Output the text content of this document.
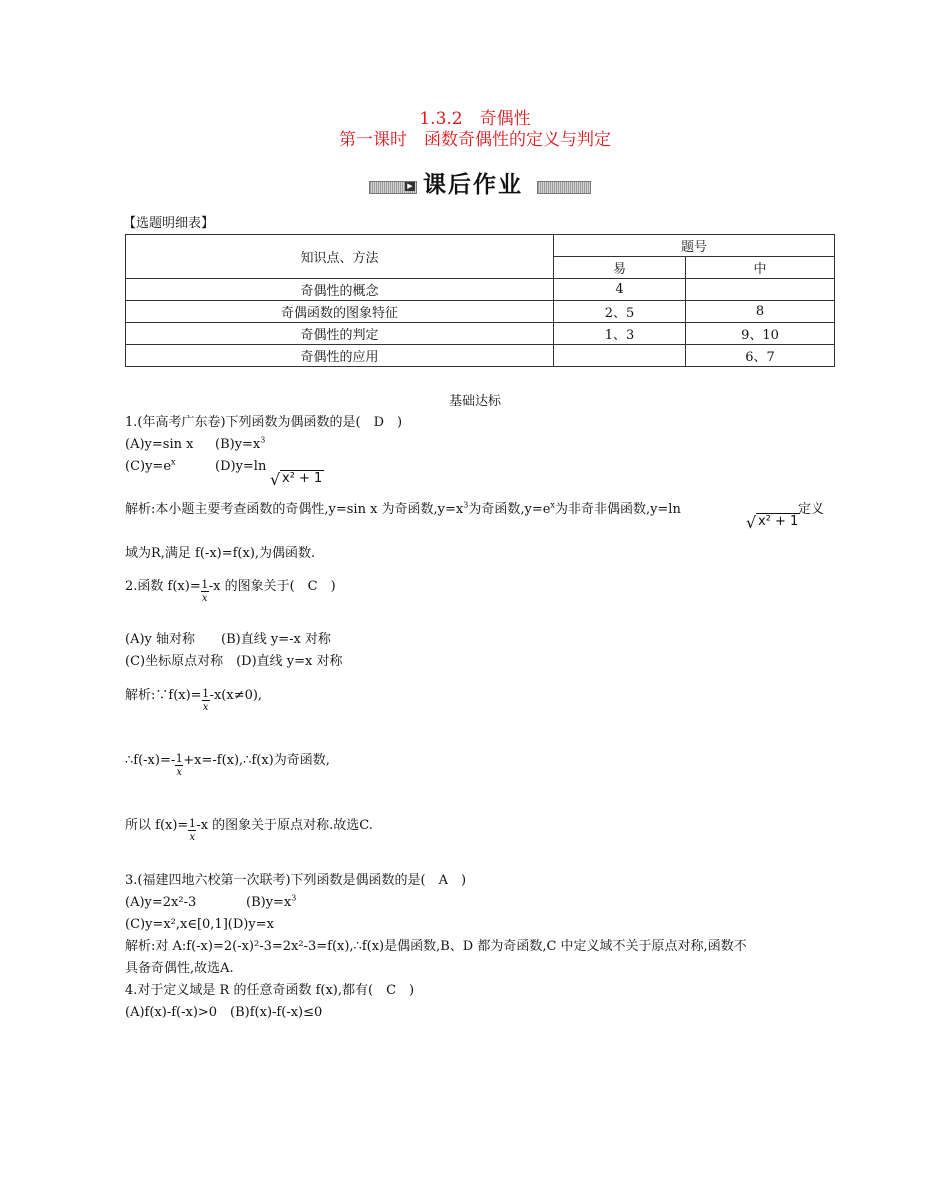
1.3.2　奇偶性
第一课时　函数奇偶性的定义与判定
▶ 课后作业
【选题明细表】
知识点、方法	题号	
	易	中
奇偶性的概念	4	
奇偶函数的图象特征	2、5	8
奇偶性的判定	1、3	9、10
奇偶性的应用		6、7
基础达标
1.(年高考广东卷)下列函数为偶函数的是(　D　)
(A)y=sin x $(B)y=x^3$
$(C)y=e^x$	(D)y=ln
√ x² + 1
解析:本小题主要考查函数的奇偶性,y=sin x 为奇函数$,y=x^3$为奇函数$,y=e^x$为非奇非偶函数,y=ln
√ x² + 1
定义
域为R,满足 f(-x)=f(x),为偶函数.
2.函数 $f(x)= \frac{1}{x} -x$ 的图象关于(　C　)
(A)y 轴对称　　(B)直线 y=-x 对称
(C)坐标原点对称　(D)直线 y=x 对称
解析:∵f(x)= $\frac{1}{x} -x(x\ne 0)$,
∴f(-x)=- $\frac{1}{x}$ +x=-f(x),∴f(x)为奇函数,
所以 $f(x)= \frac{1}{x} -x$ 的图象关于原点对称.故选C.
3.(福建四地六校第一次联考)下列函数是偶函数的是(　A　)
(A)y=2x²-3	$(B)y=x^3$
(C)y=x²,x∈[0,1](D)y=x
解析:对 A:f(-x)=2(-x)²-3=2x²-3=f(x),∴f(x)是偶函数,B、D 都为奇函数,C 中定义域不关于原点对称,函数不
具备奇偶性,故选A.
4.对于定义域是 R 的任意奇函数 f(x),都有(　C　)
(A)f(x)-f(-x)>0　(B)f(x)-f(-x)≤0
